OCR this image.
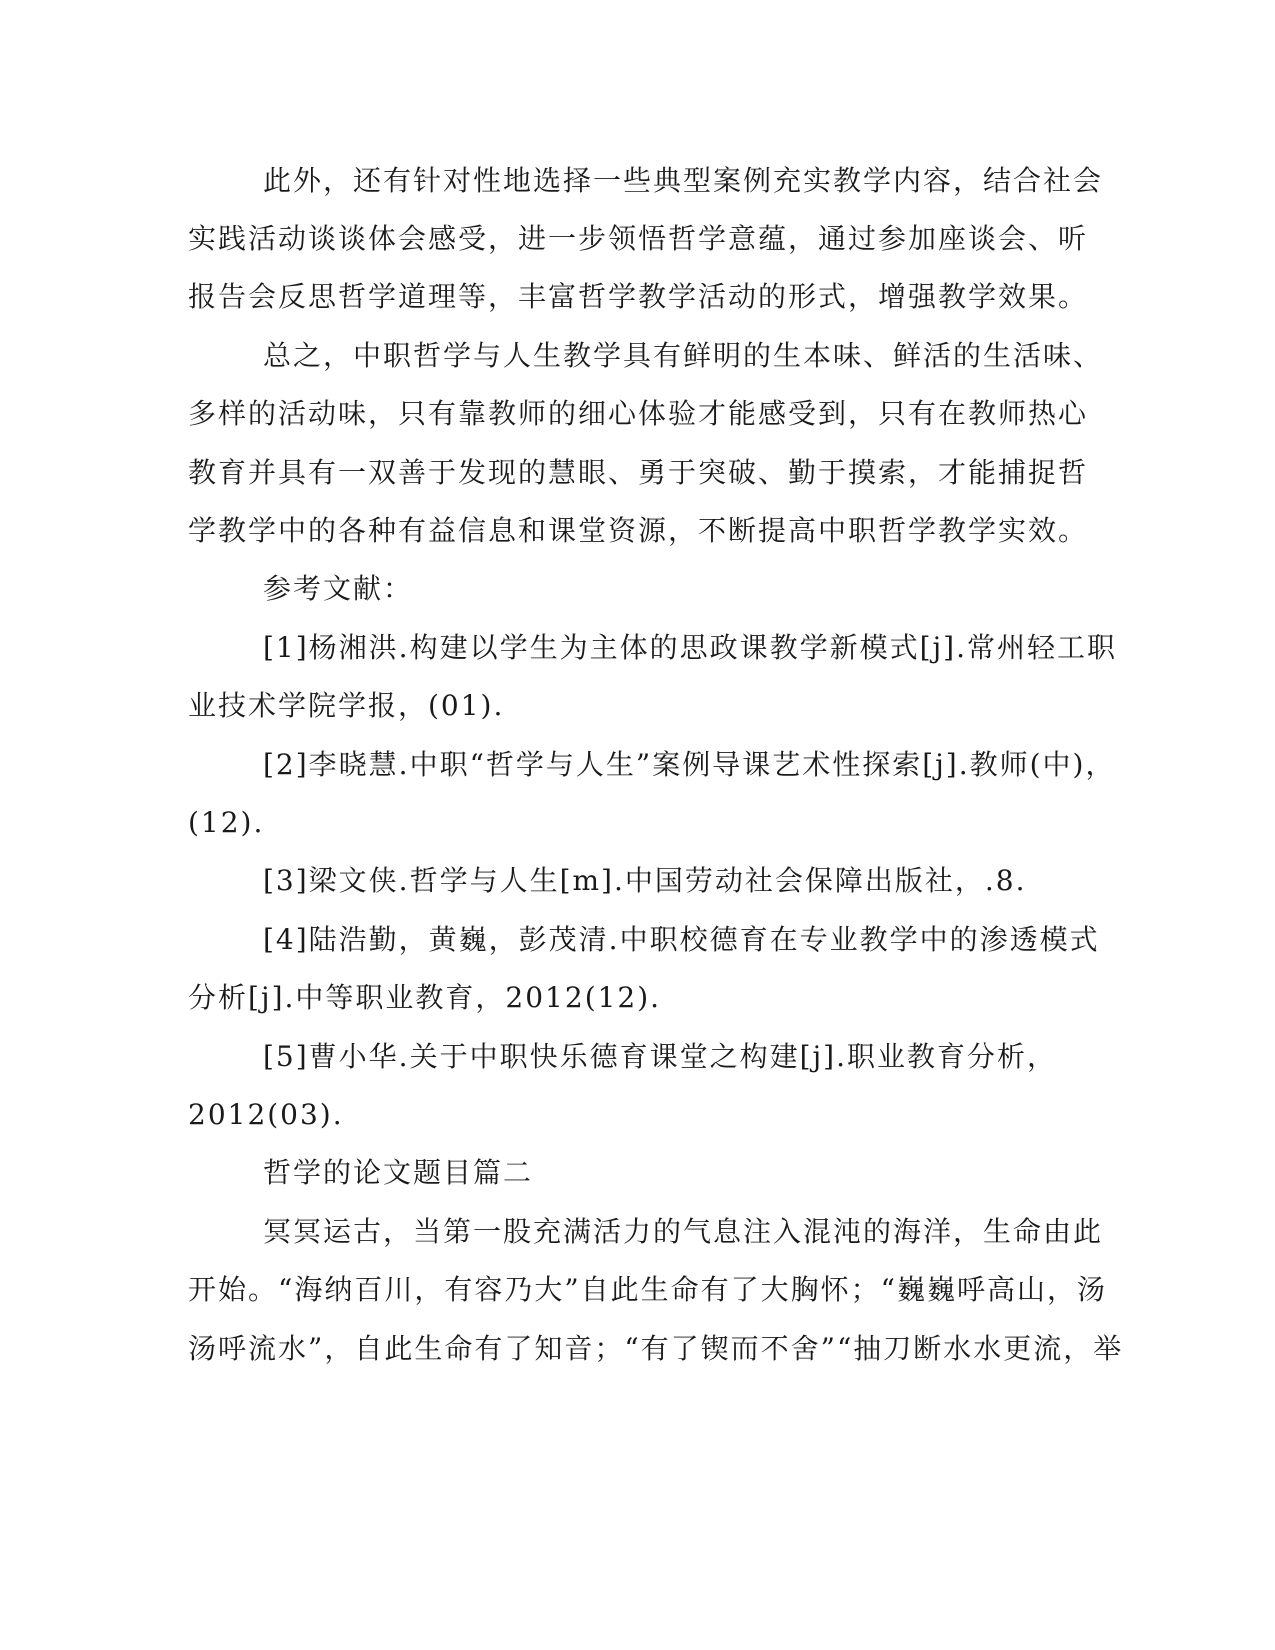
此外，还有针对性地选择一些典型案例充实教学内容，结合社会

实践活动谈谈体会感受，进一步领悟哲学意蕴，通过参加座谈会、听

报告会反思哲学道理等，丰富哲学教学活动的形式，增强教学效果。

总之，中职哲学与人生教学具有鲜明的生本味、鲜活的生活味、

多样的活动味，只有靠教师的细心体验才能感受到，只有在教师热心

教育并具有一双善于发现的慧眼、勇于突破、勤于摸索，才能捕捉哲

学教学中的各种有益信息和课堂资源，不断提高中职哲学教学实效。

参考文献：

[1]杨湘洪.构建以学生为主体的思政课教学新模式[j].常州轻工职

业技术学院学报，(01).

[2]李晓慧.中职“哲学与人生”案例导课艺术性探索[j].教师(中)，

(12).

[3]梁文侠.哲学与人生[m].中国劳动社会保障出版社，.8.

[4]陆浩勤，黄巍，彭茂清.中职校德育在专业教学中的渗透模式

分析[j].中等职业教育，2012(12).

[5]曹小华.关于中职快乐德育课堂之构建[j].职业教育分析，

2012(03).

哲学的论文题目篇二

冥冥运古，当第一股充满活力的气息注入混沌的海洋，生命由此

开始。“海纳百川，有容乃大”自此生命有了大胸怀；“巍巍呼高山，汤

汤呼流水”，自此生命有了知音；“有了锲而不舍”“抽刀断水水更流，举
